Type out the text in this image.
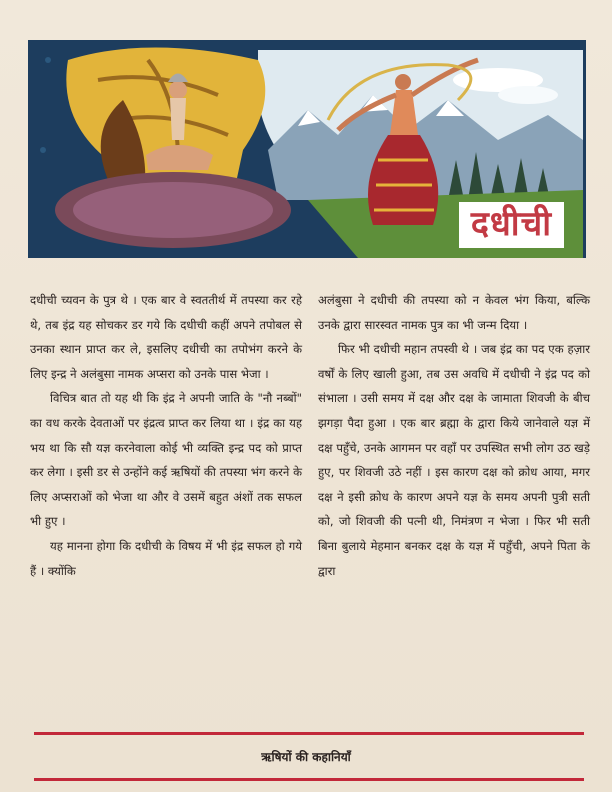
दधीची

दधीची च्यवन के पुत्र थे । एक बार वे स्वततीर्थ में तपस्या कर रहे थे, तब इंद्र यह सोचकर डर गये कि दधीची कहीं अपने तपोबल से उनका स्थान प्राप्त कर ले, इसलिए दधीची का तपोभंग करने के लिए इन्द्र ने अलंबुसा नामक अप्सरा को उनके पास भेजा ।

विचित्र बात तो यह थी कि इंद्र ने अपनी जाति के "नौ नब्बों" का वध करके देवताओं पर इंद्रत्व प्राप्त कर लिया था । इंद्र का यह भय था कि सौ यज्ञ करनेवाला कोई भी व्यक्ति इन्द्र पद को प्राप्त कर लेगा । इसी डर से उन्होंने कई ऋषियों की तपस्या भंग करने के लिए अप्सराओं को भेजा था और वे उसमें बहुत अंशों तक सफल भी हुए ।

यह मानना होगा कि दधीची के विषय में भी इंद्र सफल हो गये हैं । क्योंकि

अलंबुसा ने दधीची की तपस्या को न केवल भंग किया, बल्कि उनके द्वारा सारस्वत नामक पुत्र का भी जन्म दिया ।

फिर भी दधीची महान तपस्वी थे । जब इंद्र का पद एक हज़ार वर्षों के लिए खाली हुआ, तब उस अवधि में दधीची ने इंद्र पद को संभाला । उसी समय में दक्ष और दक्ष के जामाता शिवजी के बीच झगड़ा पैदा हुआ । एक बार ब्रह्मा के द्वारा किये जानेवाले यज्ञ में दक्ष पहुँचे, उनके आगमन पर वहाँ पर उपस्थित सभी लोग उठ खड़े हुए, पर शिवजी उठे नहीं । इस कारण दक्ष को क्रोध आया, मगर दक्ष ने इसी क्रोध के कारण अपने यज्ञ के समय अपनी पुत्री सती को, जो शिवजी की पत्नी थी, निमंत्रण न भेजा । फिर भी सती बिना बुलाये मेहमान बनकर दक्ष के यज्ञ में पहुँची, अपने पिता के द्वारा

ऋषियों की कहानियाँ
